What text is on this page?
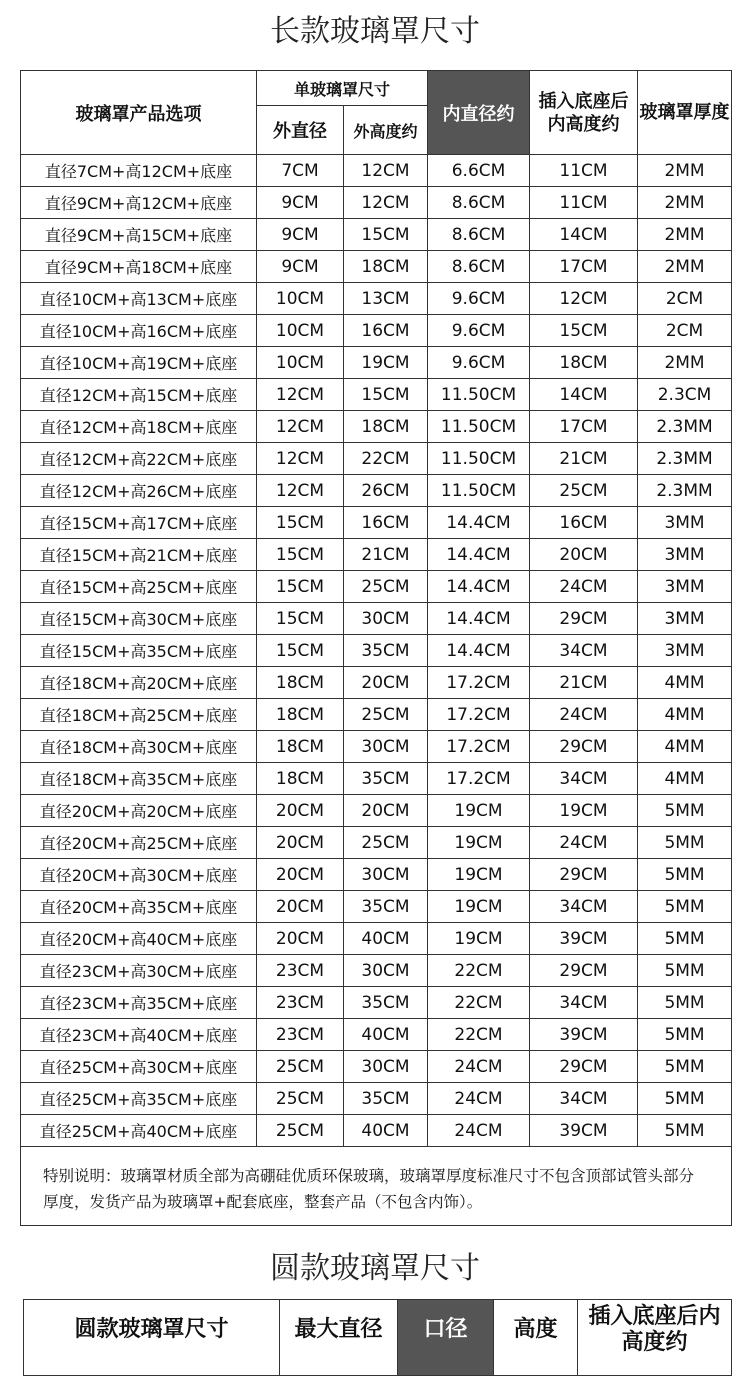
长款玻璃罩尺寸
玻璃罩产品选项	单玻璃罩尺寸		内直径约	插入底座后内高度约	玻璃罩厚度
	外直径	外高度约			
直径7CM+高12CM+底座	7CM	12CM	6.6CM	11CM	2MM
直径9CM+高12CM+底座	9CM	12CM	8.6CM	11CM	2MM
直径9CM+高15CM+底座	9CM	15CM	8.6CM	14CM	2MM
直径9CM+高18CM+底座	9CM	18CM	8.6CM	17CM	2MM
直径10CM+高13CM+底座	10CM	13CM	9.6CM	12CM	2CM
直径10CM+高16CM+底座	10CM	16CM	9.6CM	15CM	2CM
直径10CM+高19CM+底座	10CM	19CM	9.6CM	18CM	2MM
直径12CM+高15CM+底座	12CM	15CM	11.50CM	14CM	2.3CM
直径12CM+高18CM+底座	12CM	18CM	11.50CM	17CM	2.3MM
直径12CM+高22CM+底座	12CM	22CM	11.50CM	21CM	2.3MM
直径12CM+高26CM+底座	12CM	26CM	11.50CM	25CM	2.3MM
直径15CM+高17CM+底座	15CM	16CM	14.4CM	16CM	3MM
直径15CM+高21CM+底座	15CM	21CM	14.4CM	20CM	3MM
直径15CM+高25CM+底座	15CM	25CM	14.4CM	24CM	3MM
直径15CM+高30CM+底座	15CM	30CM	14.4CM	29CM	3MM
直径15CM+高35CM+底座	15CM	35CM	14.4CM	34CM	3MM
直径18CM+高20CM+底座	18CM	20CM	17.2CM	21CM	4MM
直径18CM+高25CM+底座	18CM	25CM	17.2CM	24CM	4MM
直径18CM+高30CM+底座	18CM	30CM	17.2CM	29CM	4MM
直径18CM+高35CM+底座	18CM	35CM	17.2CM	34CM	4MM
直径20CM+高20CM+底座	20CM	20CM	19CM	19CM	5MM
直径20CM+高25CM+底座	20CM	25CM	19CM	24CM	5MM
直径20CM+高30CM+底座	20CM	30CM	19CM	29CM	5MM
直径20CM+高35CM+底座	20CM	35CM	19CM	34CM	5MM
直径20CM+高40CM+底座	20CM	40CM	19CM	39CM	5MM
直径23CM+高30CM+底座	23CM	30CM	22CM	29CM	5MM
直径23CM+高35CM+底座	23CM	35CM	22CM	34CM	5MM
直径23CM+高40CM+底座	23CM	40CM	22CM	39CM	5MM
直径25CM+高30CM+底座	25CM	30CM	24CM	29CM	5MM
直径25CM+高35CM+底座	25CM	35CM	24CM	34CM	5MM
直径25CM+高40CM+底座	25CM	40CM	24CM	39CM	5MM
特别说明：玻璃罩材质全部为高硼硅优质环保玻璃，玻璃罩厚度标准尺寸不包含顶部试管头部分厚度，发货产品为玻璃罩+配套底座，整套产品（不包含内饰）。					
圆款玻璃罩尺寸
圆款玻璃罩尺寸	最大直径	口径	高度	插入底座后内高度约
